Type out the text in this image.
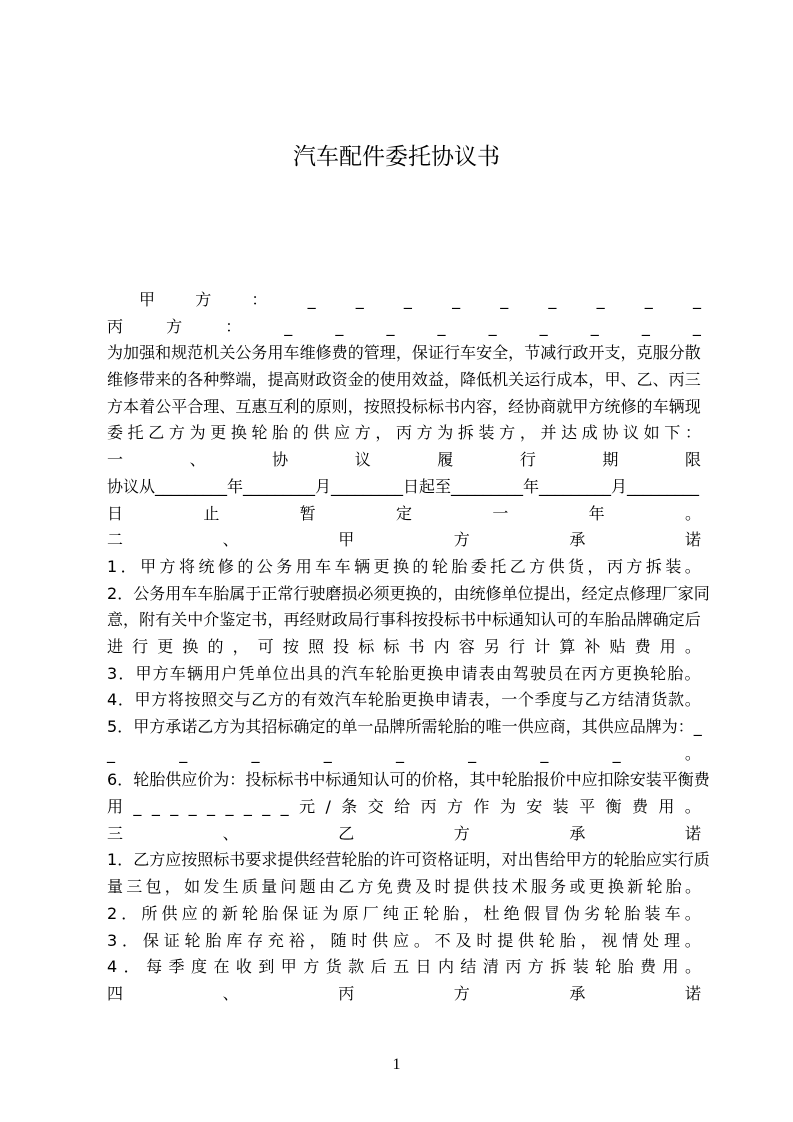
汽车配件委托协议书
甲	方	：	_	_	_	_	_	_	_	_	_
丙	方	：	_	_	_	_	_	_	_	_	_
为 加 强 和 规 范 机 关 公 务 用 车 维 修 费 的 管 理 ， 保 证 行 车 安 全 ， 节 减 行 政 开 支 ， 克 服 分 散
维 修 带 来 的 各 种 弊 端 ， 提 高 财 政 资 金 的 使 用 效 益 ， 降 低 机 关 运 行 成 本 ， 甲 、 乙 、 丙 三
方 本 着 公 平 合 理 、 互 惠 互 利 的 原 则 ， 按 照 投 标 标 书 内 容 ， 经 协 商 就 甲 方 统 修 的 车 辆 现
委 托 乙 方 为 更 换 轮 胎 的 供 应 方 ， 丙 方 为 拆 装 方 ， 并 达 成 协 议 如 下 ：
一	、	协	议	履	行	期	限
协议从_________年_________月_________日起至_________年_________月_________
日	止	暂	定	一	年	。
二	、	甲	方	承	诺
1 ． 甲 方 将 统 修 的 公 务 用 车 车 辆 更 换 的 轮 胎 委 托 乙 方 供 货 ， 丙 方 拆 装 。
2 ． 公 务 用 车 车 胎 属 于 正 常 行 驶 磨 损 必 须 更 换 的 ， 由 统 修 单 位 提 出 ， 经 定 点 修 理 厂 家 同
意 ， 附 有 关 中 介 鉴 定 书 ， 再 经 财 政 局 行 事 科 按 投 标 书 中 标 通 知 认 可 的 车 胎 品 牌 确 定 后
进 行 更 换 的 ， 可 按 照 投 标 标 书 内 容 另 行 计 算 补 贴 费 用 。
3 ． 甲 方 车 辆 用 户 凭 单 位 出 具 的 汽 车 轮 胎 更 换 申 请 表 由 驾 驶 员 在 丙 方 更 换 轮 胎 。
4 ． 甲 方 将 按 照 交 与 乙 方 的 有 效 汽 车 轮 胎 更 换 申 请 表 ， 一 个 季 度 与 乙 方 结 清 货 款 。
5 ． 甲 方 承 诺 乙 方 为 其 招 标 确 定 的 单 一 品 牌 所 需 轮 胎 的 唯 一 供 应 商 ， 其 供 应 品 牌 为 ： _
_	_	_	_	_	_	_	_	。
6 ． 轮 胎 供 应 价 为 ： 投 标 标 书 中 标 通 知 认 可 的 价 格 ， 其 中 轮 胎 报 价 中 应 扣 除 安 装 平 衡 费
用 _ _ _ _ _ _ _ _ _ 元 / 条 交 给 丙 方 作 为 安 装 平 衡 费 用 。
三	、	乙	方	承	诺
1 ． 乙 方 应 按 照 标 书 要 求 提 供 经 营 轮 胎 的 许 可 资 格 证 明 ， 对 出 售 给 甲 方 的 轮 胎 应 实 行 质
量 三 包 ， 如 发 生 质 量 问 题 由 乙 方 免 费 及 时 提 供 技 术 服 务 或 更 换 新 轮 胎 。
2 ． 所 供 应 的 新 轮 胎 保 证 为 原 厂 纯 正 轮 胎 ， 杜 绝 假 冒 伪 劣 轮 胎 装 车 。
3 ． 保 证 轮 胎 库 存 充 裕 ， 随 时 供 应 。 不 及 时 提 供 轮 胎 ， 视 情 处 理 。
4 ． 每 季 度 在 收 到 甲 方 货 款 后 五 日 内 结 清 丙 方 拆 装 轮 胎 费 用 。
四	、	丙	方	承	诺
1
